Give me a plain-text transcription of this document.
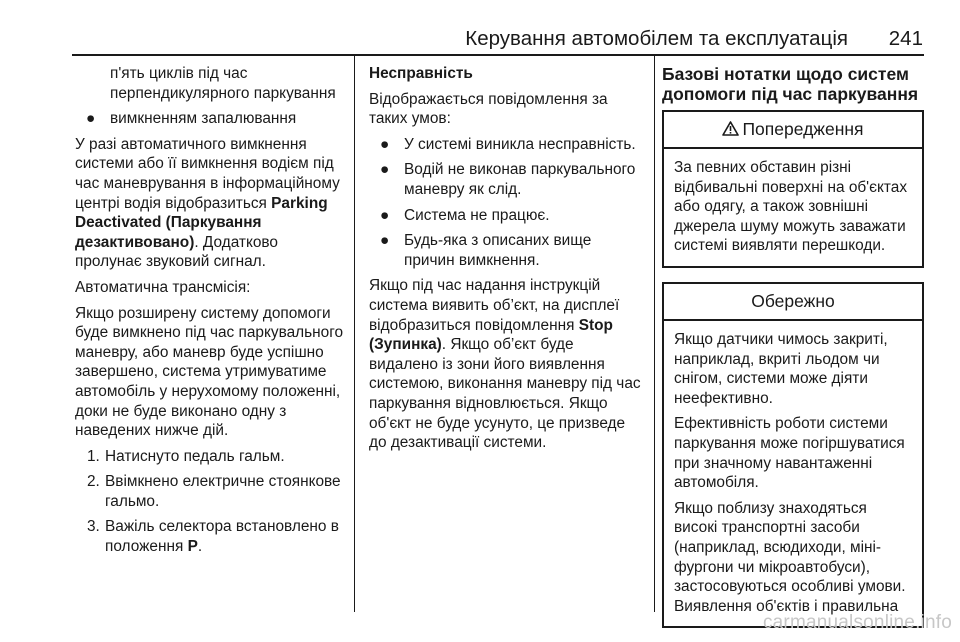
Керування автомобілем та експлуатація 241

п'ять циклів під час перпендикулярного паркування

● вимкненням запалювання

У разі автоматичного вимкнення системи або її вимкнення водієм під час маневрування в інформаційному центрі водія відобразиться Parking Deactivated (Паркування дезактивовано). Додатково пролунає звуковий сигнал.

Автоматична трансмісія:

Якщо розширену систему допомоги буде вимкнено під час паркувального маневру, або маневр буде успішно завершено, система утримуватиме автомобіль у нерухомому положенні, доки не буде виконано одну з наведених нижче дій.

1. Натиснуто педаль гальм.
2. Ввімкнено електричне стоянкове гальмо.
3. Важіль селектора встановлено в положення P.

Несправність

Відображається повідомлення за таких умов:

● У системі виникла несправність.
● Водій не виконав паркувального маневру як слід.
● Система не працює.
● Будь-яка з описаних вище причин вимкнення.

Якщо під час надання інструкцій система виявить об’єкт, на дисплеї відобразиться повідомлення Stop (Зупинка). Якщо об’єкт буде видалено із зони його виявлення системою, виконання маневру під час паркування відновлюється. Якщо об'єкт не буде усунуто, це призведе до дезактивації системи.

Базові нотатки щодо систем допомоги під час паркування

Попередження

За певних обставин різні відбивальні поверхні на об'єктах або одягу, а також зовнішні джерела шуму можуть заважати системі виявляти перешкоди.

Обережно

Якщо датчики чимось закриті, наприклад, вкриті льодом чи снігом, системи може діяти неефективно.

Ефективність роботи системи паркування може погіршуватися при значному навантаженні автомобіля.

Якщо поблизу знаходяться високі транспортні засоби (наприклад, всюдиходи, міні-фургони чи мікроавтобуси), застосовуються особливі умови. Виявлення об'єктів і правильна

carmanualsonline.info
